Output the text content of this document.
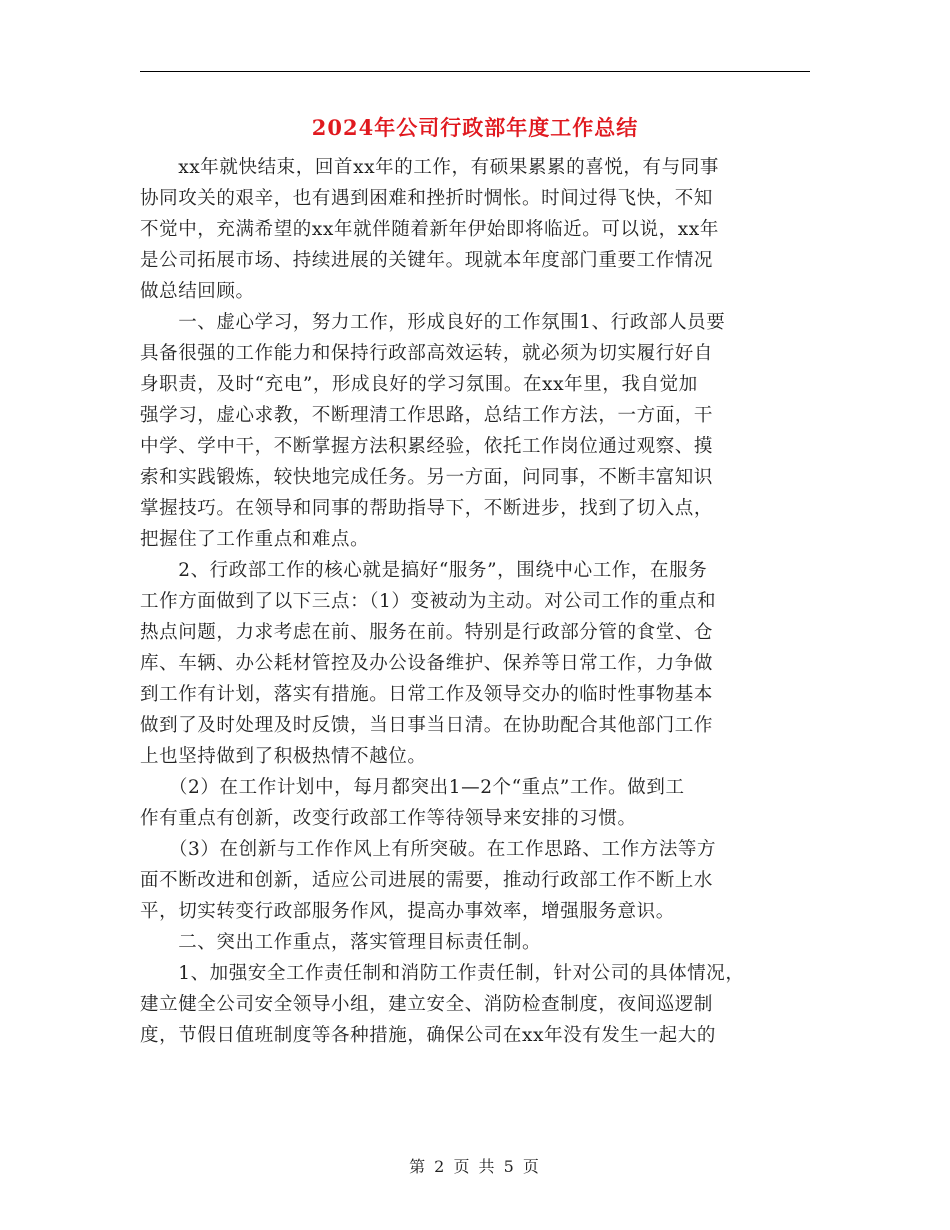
2024年公司行政部年度工作总结
　　xx年就快结束，回首xx年的工作，有硕果累累的喜悦，有与同事
协同攻关的艰辛，也有遇到困难和挫折时惆怅。时间过得飞快，不知
不觉中，充满希望的xx年就伴随着新年伊始即将临近。可以说，xx年
是公司拓展市场、持续进展的关键年。现就本年度部门重要工作情况
做总结回顾。
　　一、虚心学习，努力工作，形成良好的工作氛围1、行政部人员要
具备很强的工作能力和保持行政部高效运转，就必须为切实履行好自
身职责，及时“充电”，形成良好的学习氛围。在xx年里，我自觉加
强学习，虚心求教，不断理清工作思路，总结工作方法，一方面，干
中学、学中干，不断掌握方法积累经验，依托工作岗位通过观察、摸
索和实践锻炼，较快地完成任务。另一方面，问同事，不断丰富知识
掌握技巧。在领导和同事的帮助指导下，不断进步，找到了切入点，
把握住了工作重点和难点。
　　2、行政部工作的核心就是搞好“服务”，围绕中心工作，在服务
工作方面做到了以下三点：（1）变被动为主动。对公司工作的重点和
热点问题，力求考虑在前、服务在前。特别是行政部分管的食堂、仓
库、车辆、办公耗材管控及办公设备维护、保养等日常工作，力争做
到工作有计划，落实有措施。日常工作及领导交办的临时性事物基本
做到了及时处理及时反馈，当日事当日清。在协助配合其他部门工作
上也坚持做到了积极热情不越位。
　　（2）在工作计划中，每月都突出1—2个“重点”工作。做到工
作有重点有创新，改变行政部工作等待领导来安排的习惯。
　　（3）在创新与工作作风上有所突破。在工作思路、工作方法等方
面不断改进和创新，适应公司进展的需要，推动行政部工作不断上水
平，切实转变行政部服务作风，提高办事效率，增强服务意识。
　　二、突出工作重点，落实管理目标责任制。
　　1、加强安全工作责任制和消防工作责任制，针对公司的具体情况，
建立健全公司安全领导小组，建立安全、消防检查制度，夜间巡逻制
度，节假日值班制度等各种措施，确保公司在xx年没有发生一起大的
第 2 页 共 5 页
